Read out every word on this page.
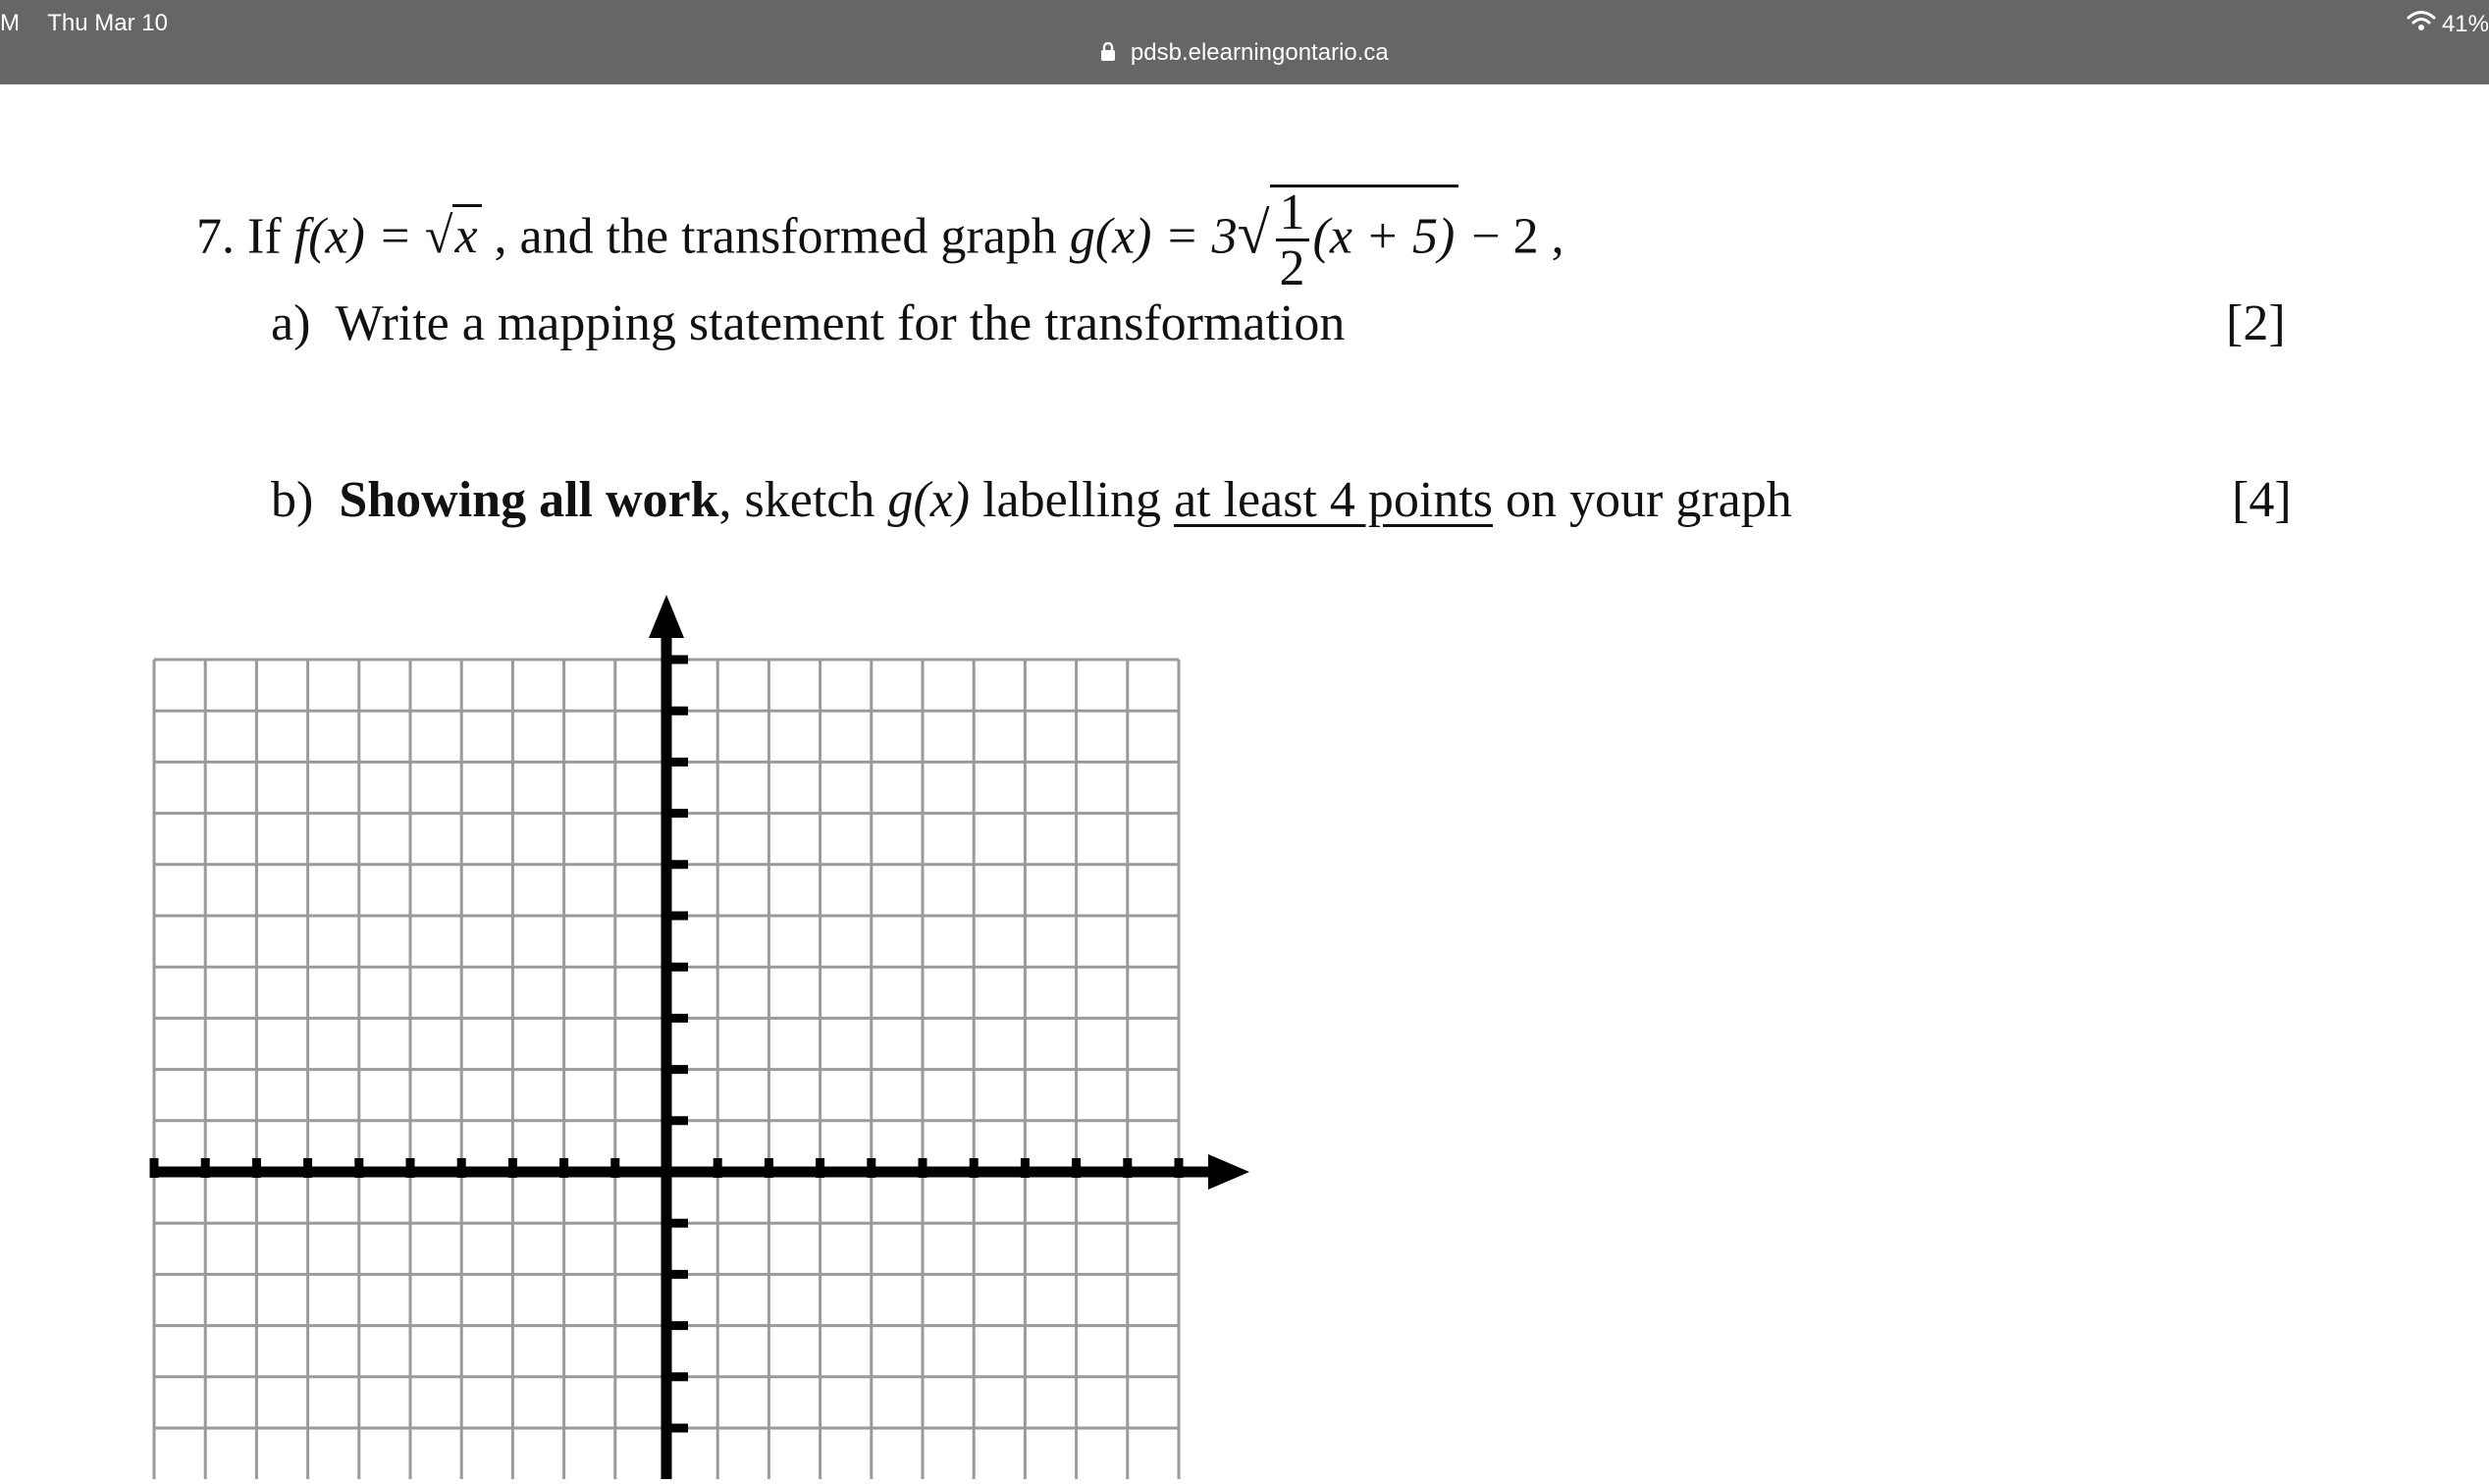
M Thu Mar 10
pdsb.elearningontario.ca
41%
7. If f(x) = √x , and the transformed graph $g(x) = 3√ \frac{1}{2} (x + 5) - 2$ ,
a) Write a mapping statement for the transformation	[2]
b) Showing all work, sketch g(x) labelling at least 4 points on your graph	[4]
